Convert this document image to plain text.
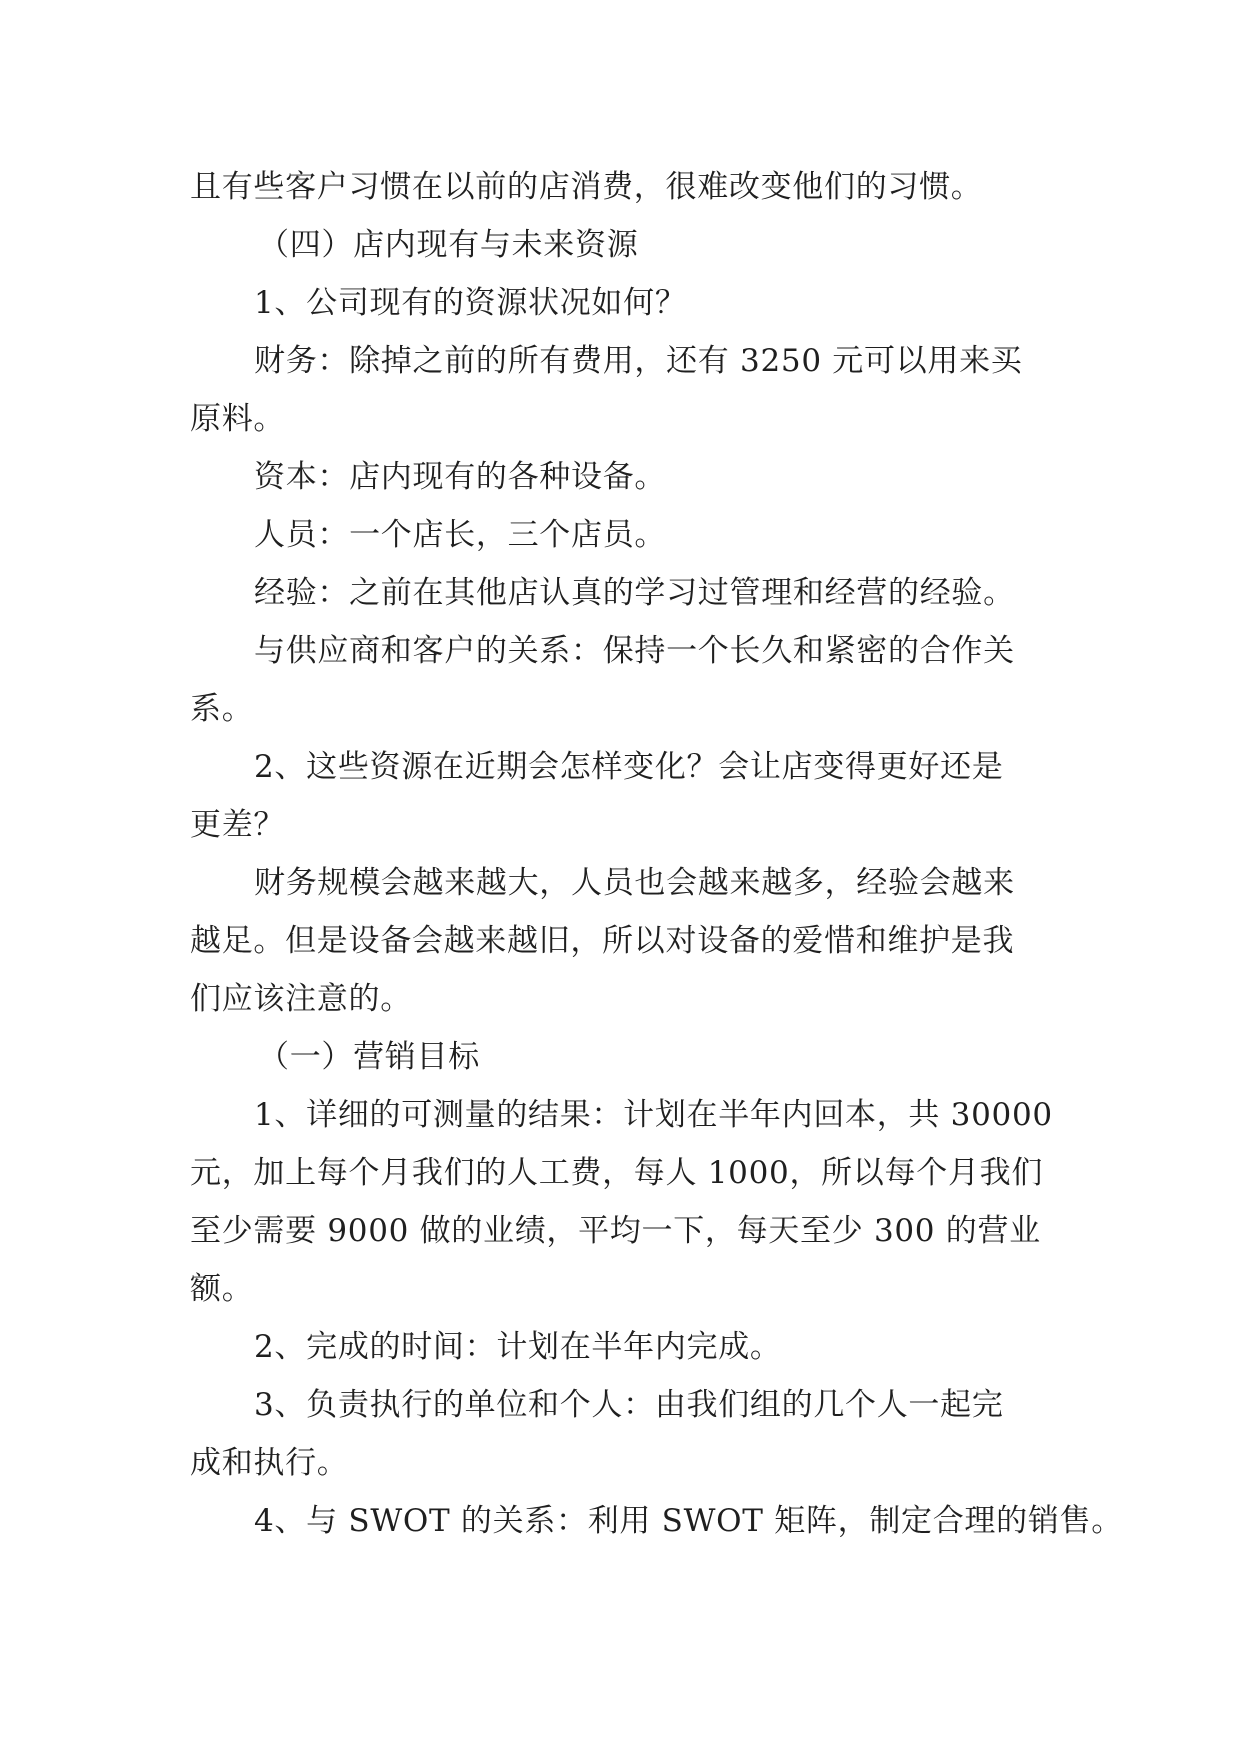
且有些客户习惯在以前的店消费，很难改变他们的习惯。

（四）店内现有与未来资源

1、公司现有的资源状况如何？

财务：除掉之前的所有费用，还有 3250 元可以用来买

原料。

资本：店内现有的各种设备。

人员：一个店长，三个店员。

经验：之前在其他店认真的学习过管理和经营的经验。

与供应商和客户的关系：保持一个长久和紧密的合作关

系。

2、这些资源在近期会怎样变化？会让店变得更好还是

更差？

财务规模会越来越大，人员也会越来越多，经验会越来

越足。但是设备会越来越旧，所以对设备的爱惜和维护是我

们应该注意的。

（一）营销目标

1、详细的可测量的结果：计划在半年内回本，共 30000

元，加上每个月我们的人工费，每人 1000，所以每个月我们

至少需要 9000 做的业绩，平均一下，每天至少 300 的营业

额。

2、完成的时间：计划在半年内完成。

3、负责执行的单位和个人：由我们组的几个人一起完

成和执行。

4、与 SWOT 的关系：利用 SWOT 矩阵，制定合理的销售。
